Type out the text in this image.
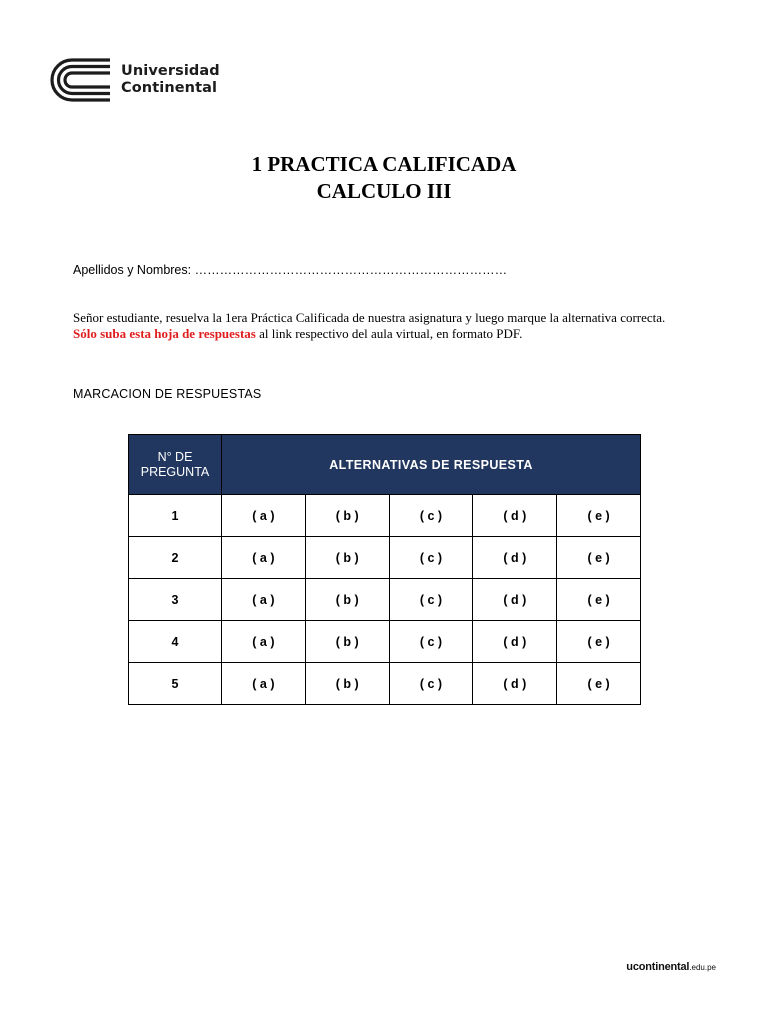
Universidad
Continental
1 PRACTICA CALIFICADA
CALCULO III
Apellidos y Nombres: …………………………………………………………………
Señor estudiante, resuelva la 1era Práctica Calificada de nuestra asignatura y luego marque la alternativa correcta. Sólo suba esta hoja de respuestas al link respectivo del aula virtual, en formato PDF.
MARCACION DE RESPUESTAS
N° DE
PREGUNTA	ALTERNATIVAS DE RESPUESTA				
1	( a )	( b )	( c )	( d )	( e )
2	( a )	( b )	( c )	( d )	( e )
3	( a )	( b )	( c )	( d )	( e )
4	( a )	( b )	( c )	( d )	( e )
5	( a )	( b )	( c )	( d )	( e )
ucontinental.edu.pe
